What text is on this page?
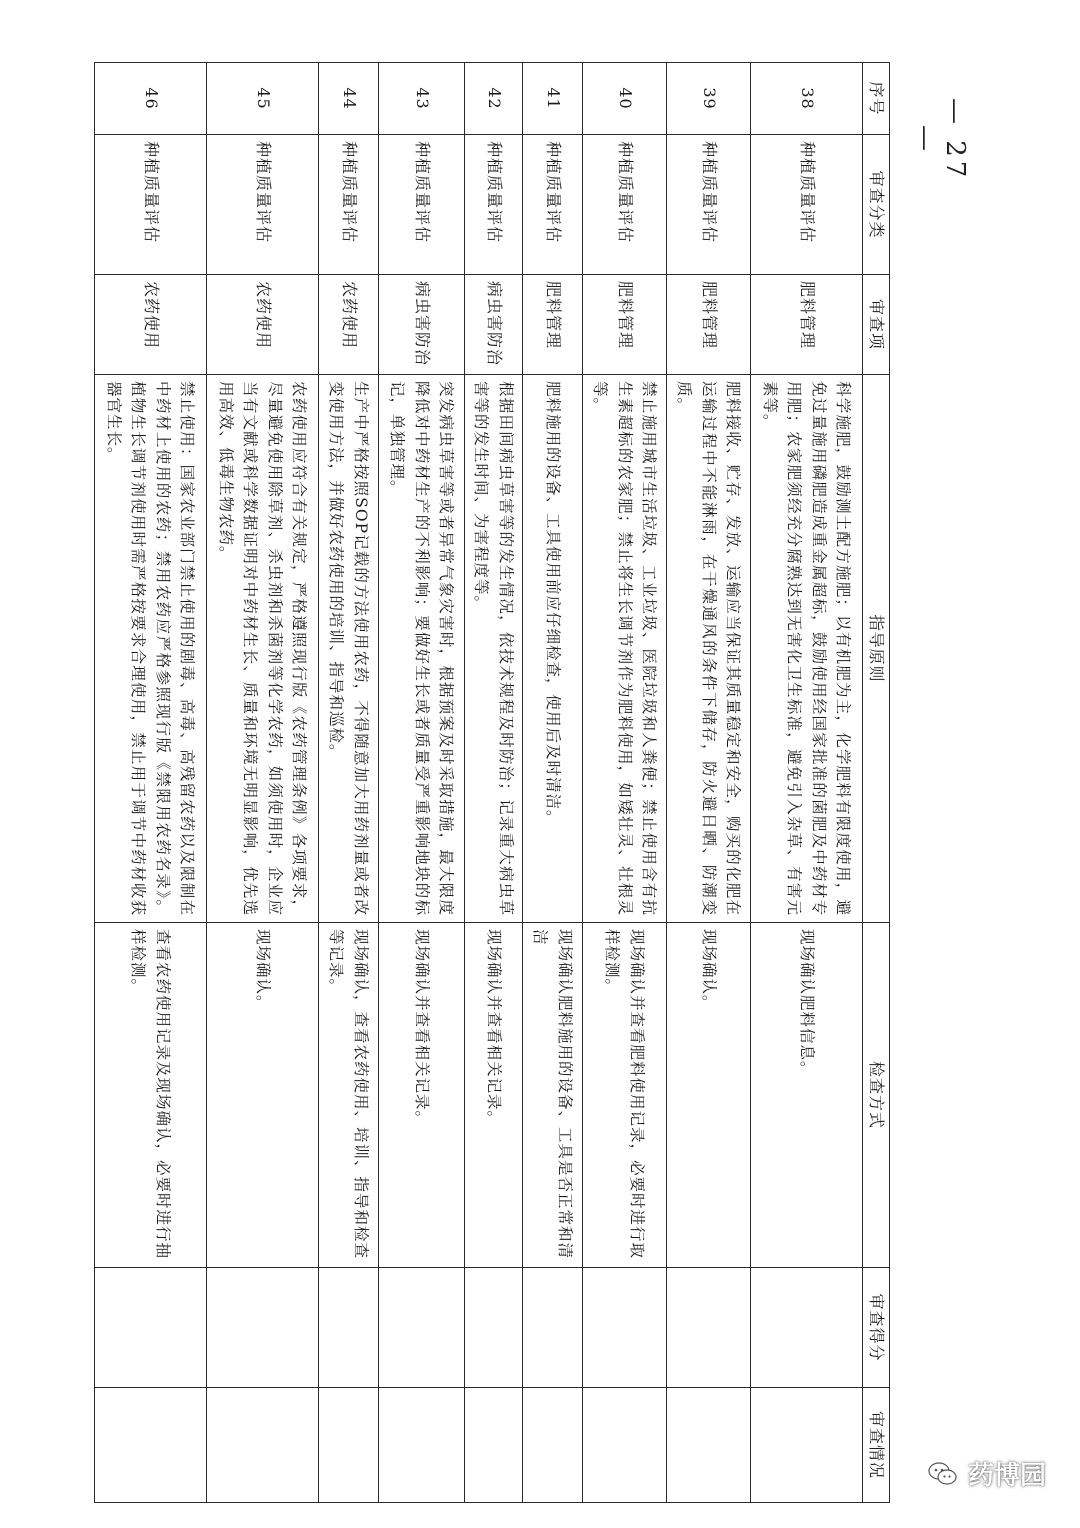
序号	审查分类	审查项	指导原则	检查方式	审查得分	审查情况
38	种植质量评估	肥料管理	科学施肥，鼓励测土配方施肥；以有机肥为主，化学肥料有限度使用，避免过量施用磷肥造成重金属超标，鼓励使用经国家批准的菌肥及中药材专用肥；农家肥须经充分腐熟达到无害化卫生标准，避免引入杂草、有害元素等。	现场确认肥料信息。		
39	种植质量评估	肥料管理	肥料接收、贮存、发放、运输应当保证其质量稳定和安全，购买的化肥在运输过程中不能淋雨，在干燥通风的条件下储存，防火避日晒、防潮变质。	现场确认。		
40	种植质量评估	肥料管理	禁止施用城市生活垃圾、工业垃圾、医院垃圾和人粪便；禁止使用含有抗生素超标的农家肥；禁止将生长调节剂作为肥料使用，如矮壮灵、壮根灵等。	现场确认并查看肥料使用记录，必要时进行取样检测。		
41	种植质量评估	肥料管理	肥料施用的设备、工具使用前应仔细检查，使用后及时清洁。	现场确认肥料施用的设备、工具是否正常和清洁		
42	种植质量评估	病虫害防治	根据田间病虫草害等的发生情况，依技术规程及时防治；记录重大病虫草害等的发生时间、为害程度等。	现场确认并查看相关记录。		
43	种植质量评估	病虫害防治	突发病虫草害等或者异常气象灾害时，根据预案及时采取措施，最大限度降低对中药材生产的不利影响；要做好生长或者质量受严重影响地块的标记，单独管理。	现场确认并查看相关记录。		
44	种植质量评估	农药使用	生产中严格按照SOP记载的方法使用农药，不得随意加大用药剂量或者改变使用方法，并做好农药使用的培训、指导和巡检。	现场确认，查看农药使用、培训、指导和检查等记录。		
45	种植质量评估	农药使用	农药使用应符合有关规定，严格遵照现行版《农药管理条例》各项要求，尽量避免使用除草剂、杀虫剂和杀菌剂等化学农药，如须使用时，企业应当有文献或科学数据证明对中药材生长、质量和环境无明显影响，优先选用高效、低毒生物农药。	现场确认。		
46	种植质量评估	农药使用	禁止使用：国家农业部门禁止使用的剧毒、高毒、高残留农药以及限制在中药材上使用的农药；禁用农药应严格参照现行版《禁限用农药名录》。植物生长调节剂使用时需严格按要求合理使用，禁止用于调节中药材收获器官生长。	查看农药使用记录及现场确认，必要时进行抽样检测。		
— 27 —
药博园
